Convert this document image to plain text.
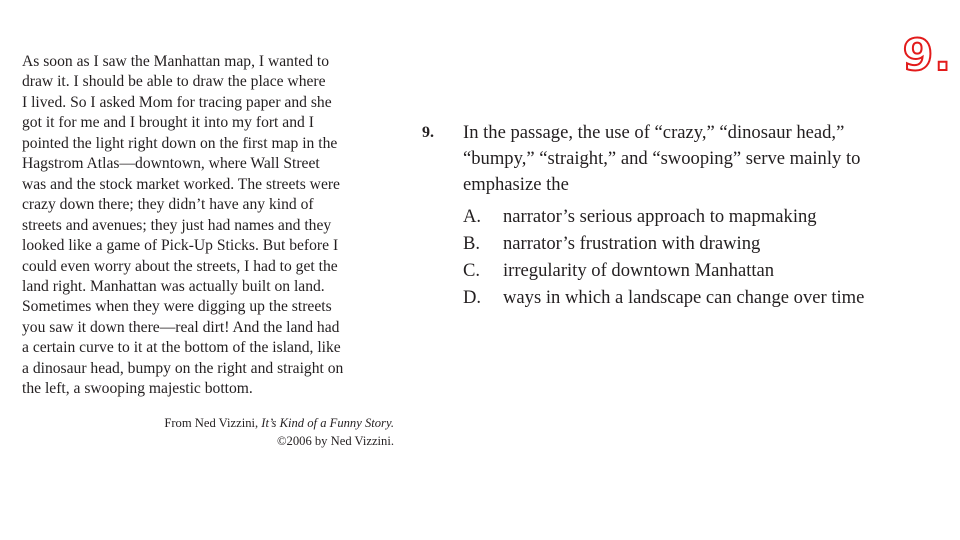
9.
As soon as I saw the Manhattan map, I wanted to
draw it. I should be able to draw the place where
I lived. So I asked Mom for tracing paper and she
got it for me and I brought it into my fort and I
pointed the light right down on the first map in the
Hagstrom Atlas—downtown, where Wall Street
was and the stock market worked. The streets were
crazy down there; they didn’t have any kind of
streets and avenues; they just had names and they
looked like a game of Pick-Up Sticks. But before I
could even worry about the streets, I had to get the
land right. Manhattan was actually built on land.
Sometimes when they were digging up the streets
you saw it down there—real dirt! And the land had
a certain curve to it at the bottom of the island, like
a dinosaur head, bumpy on the right and straight on
the left, a swooping majestic bottom.
From Ned Vizzini, It’s Kind of a Funny Story.
©2006 by Ned Vizzini.
9. In the passage, the use of “crazy,” “dinosaur head,”
“bumpy,” “straight,” and “swooping” serve mainly to
emphasize the
A. narrator’s serious approach to mapmaking
B. narrator’s frustration with drawing
C. irregularity of downtown Manhattan
D. ways in which a landscape can change over time
